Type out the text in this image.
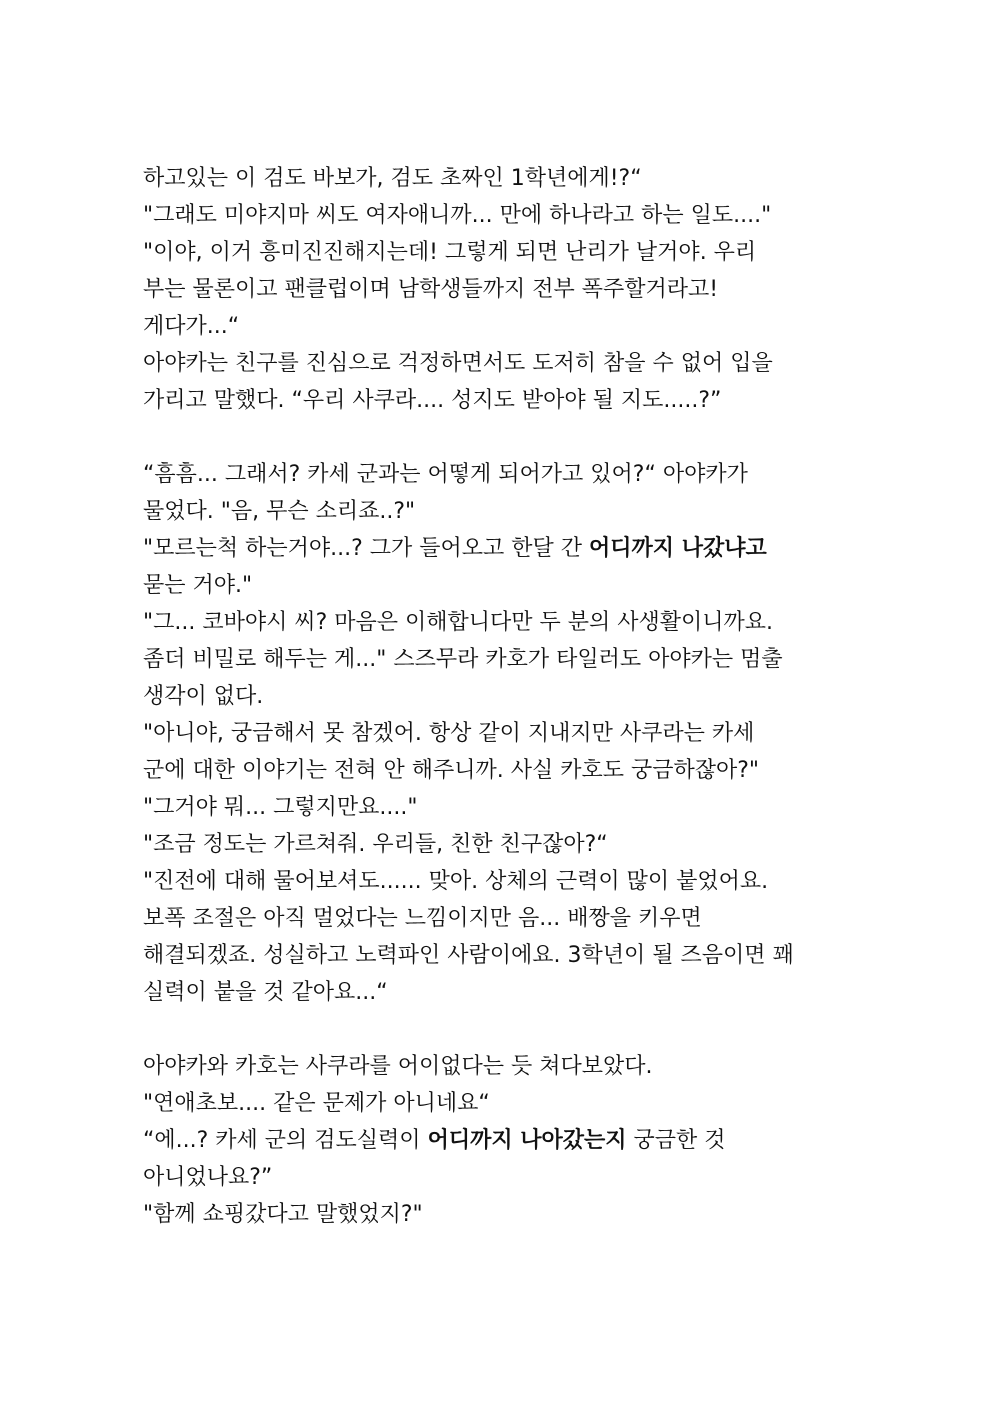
하고있는 이 검도 바보가, 검도 초짜인 1학년에게!?“
"그래도 미야지마 씨도 여자애니까... 만에 하나라고 하는 일도...."
"이야, 이거 흥미진진해지는데! 그렇게 되면 난리가 날거야. 우리
부는 물론이고 팬클럽이며 남학생들까지 전부 폭주할거라고!
게다가...“
아야카는 친구를 진심으로 걱정하면서도 도저히 참을 수 없어 입을
가리고 말했다. “우리 사쿠라.... 성지도 받아야 될 지도.....?”
“흠흠... 그래서? 카세 군과는 어떻게 되어가고 있어?“ 아야카가
물었다. "음, 무슨 소리죠..?"
"모르는척 하는거야...? 그가 들어오고 한달 간 어디까지 나갔냐고
묻는 거야."
"그... 코바야시 씨? 마음은 이해합니다만 두 분의 사생활이니까요.
좀더 비밀로 해두는 게..." 스즈무라 카호가 타일러도 아야카는 멈출
생각이 없다.
"아니야, 궁금해서 못 참겠어. 항상 같이 지내지만 사쿠라는 카세
군에 대한 이야기는 전혀 안 해주니까. 사실 카호도 궁금하잖아?"
"그거야 뭐... 그렇지만요...."
"조금 정도는 가르쳐줘. 우리들, 친한 친구잖아?“
"진전에 대해 물어보셔도...... 맞아. 상체의 근력이 많이 붙었어요.
보폭 조절은 아직 멀었다는 느낌이지만 음... 배짱을 키우면
해결되겠죠. 성실하고 노력파인 사람이에요. 3학년이 될 즈음이면 꽤
실력이 붙을 것 같아요...“
아야카와 카호는 사쿠라를 어이없다는 듯 쳐다보았다.
"연애초보.... 같은 문제가 아니네요“
“에...? 카세 군의 검도실력이 어디까지 나아갔는지 궁금한 것
아니었나요?”
"함께 쇼핑갔다고 말했었지?"
